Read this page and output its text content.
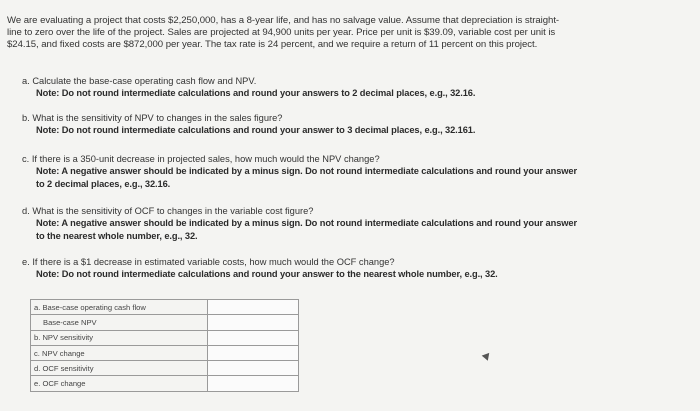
We are evaluating a project that costs $2,250,000, has a 8-year life, and has no salvage value. Assume that depreciation is straight-
line to zero over the life of the project. Sales are projected at 94,900 units per year. Price per unit is $39.09, variable cost per unit is
$24.15, and fixed costs are $872,000 per year. The tax rate is 24 percent, and we require a return of 11 percent on this project.
a. Calculate the base-case operating cash flow and NPV.
Note: Do not round intermediate calculations and round your answers to 2 decimal places, e.g., 32.16.
b. What is the sensitivity of NPV to changes in the sales figure?
Note: Do not round intermediate calculations and round your answer to 3 decimal places, e.g., 32.161.
c. If there is a 350-unit decrease in projected sales, how much would the NPV change?
Note: A negative answer should be indicated by a minus sign. Do not round intermediate calculations and round your answer
to 2 decimal places, e.g., 32.16.
d. What is the sensitivity of OCF to changes in the variable cost figure?
Note: A negative answer should be indicated by a minus sign. Do not round intermediate calculations and round your answer
to the nearest whole number, e.g., 32.
e. If there is a $1 decrease in estimated variable costs, how much would the OCF change?
Note: Do not round intermediate calculations and round your answer to the nearest whole number, e.g., 32.
a. Base-case operating cash flow	
Base-case NPV	
b. NPV sensitivity	
c. NPV change	
d. OCF sensitivity	
e. OCF change	
